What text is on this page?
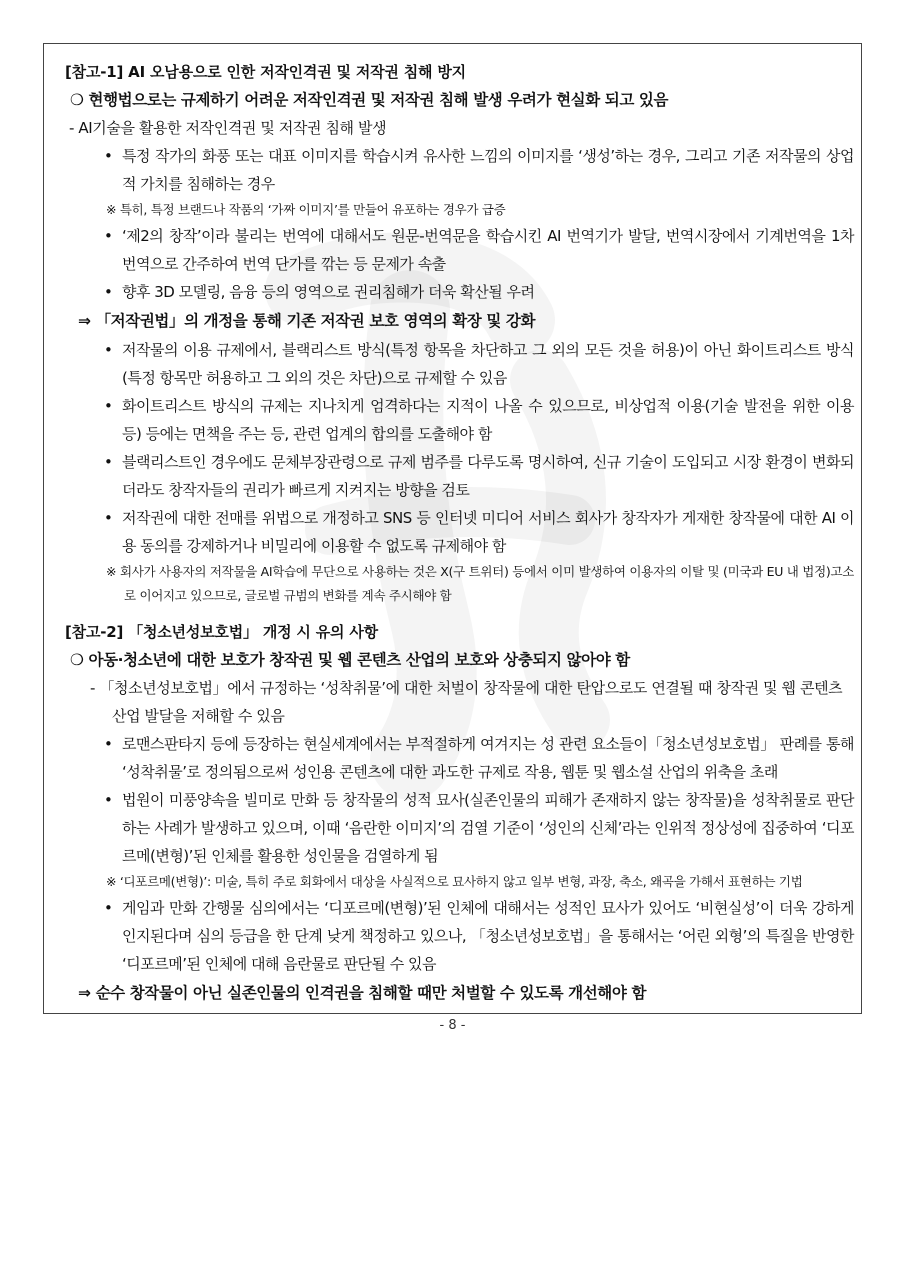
[참고-1] AI 오남용으로 인한 저작인격권 및 저작권 침해 방지
❍ 현행법으로는 규제하기 어려운 저작인격권 및 저작권 침해 발생 우려가 현실화 되고 있음
- AI기술을 활용한 저작인격권 및 저작권 침해 발생
• 특정 작가의 화풍 또는 대표 이미지를 학습시켜 유사한 느낌의 이미지를 ‘생성’하는 경우, 그리고 기존 저작물의 상업적 가치를 침해하는 경우
※ 특히, 특정 브랜드나 작품의 ‘가짜 이미지’를 만들어 유포하는 경우가 급증
• ‘제2의 창작’이라 불리는 번역에 대해서도 원문-번역문을 학습시킨 AI 번역기가 발달, 번역시장에서 기계번역을 1차 번역으로 간주하여 번역 단가를 깎는 등 문제가 속출
• 향후 3D 모델링, 음융 등의 영역으로 권리침해가 더욱 확산될 우려
⇒ 「저작권법」의 개정을 통해 기존 저작권 보호 영역의 확장 및 강화
• 저작물의 이용 규제에서, 블랙리스트 방식(특정 항목을 차단하고 그 외의 모든 것을 허용)이 아닌 화이트리스트 방식(특정 항목만 허용하고 그 외의 것은 차단)으로 규제할 수 있음
• 화이트리스트 방식의 규제는 지나치게 엄격하다는 지적이 나올 수 있으므로, 비상업적 이용(기술 발전을 위한 이용 등) 등에는 면책을 주는 등, 관련 업계의 합의를 도출해야 함
• 블랙리스트인 경우에도 문체부장관령으로 규제 범주를 다루도록 명시하여, 신규 기술이 도입되고 시장 환경이 변화되더라도 창작자들의 권리가 빠르게 지켜지는 방향을 검토
• 저작권에 대한 전매를 위법으로 개정하고 SNS 등 인터넷 미디어 서비스 회사가 창작자가 게재한 창작물에 대한 AI 이용 동의를 강제하거나 비밀리에 이용할 수 없도록 규제해야 함
※ 회사가 사용자의 저작물을 AI학습에 무단으로 사용하는 것은 X(구 트위터) 등에서 이미 발생하여 이용자의 이탈 및 (미국과 EU 내 법정)고소로 이어지고 있으므로, 글로벌 규범의 변화를 계속 주시해야 함
[참고-2] 「청소년성보호법」 개정 시 유의 사항
❍ 아동·청소년에 대한 보호가 창작권 및 웹 콘텐츠 산업의 보호와 상충되지 않아야 함
- 「청소년성보호법」에서 규정하는 ‘성착취물’에 대한 처벌이 창작물에 대한 탄압으로도 연결될 때 창작권 및 웹 콘텐츠 산업 발달을 저해할 수 있음
• 로맨스판타지 등에 등장하는 현실세계에서는 부적절하게 여겨지는 성 관련 요소들이「청소년성보호법」 판례를 통해 ‘성착취물’로 정의됨으로써 성인용 콘텐츠에 대한 과도한 규제로 작용, 웹툰 및 웹소설 산업의 위축을 초래
• 법원이 미풍양속을 빌미로 만화 등 창작물의 성적 묘사(실존인물의 피해가 존재하지 않는 창작물)을 성착취물로 판단하는 사례가 발생하고 있으며, 이때 ‘음란한 이미지’의 검열 기준이 ‘성인의 신체’라는 인위적 정상성에 집중하여 ‘디포르메(변형)’된 인체를 활용한 성인물을 검열하게 됨
※ ‘디포르메(변형)’: 미술, 특히 주로 회화에서 대상을 사실적으로 묘사하지 않고 일부 변형, 과장, 축소, 왜곡을 가해서 표현하는 기법
• 게임과 만화 간행물 심의에서는 ‘디포르메(변형)’된 인체에 대해서는 성적인 묘사가 있어도 ‘비현실성’이 더욱 강하게 인지된다며 심의 등급을 한 단계 낮게 책정하고 있으나, 「청소년성보호법」을 통해서는 ‘어린 외형’의 특질을 반영한 ‘디포르메’된 인체에 대해 음란물로 판단될 수 있음
⇒ 순수 창작물이 아닌 실존인물의 인격권을 침해할 때만 처벌할 수 있도록 개선해야 함
- 8 -
